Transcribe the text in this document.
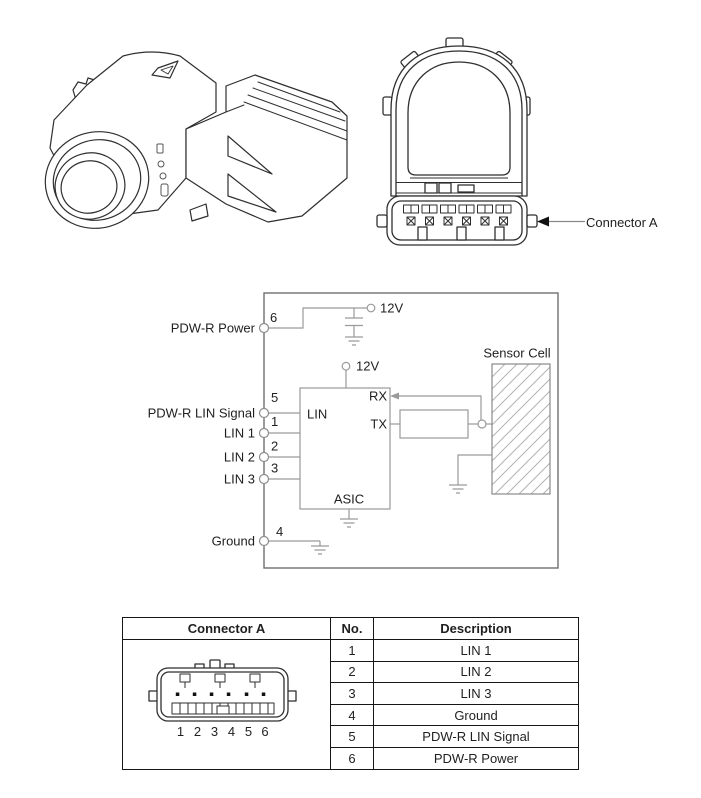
Connector A
PDW-R Power
PDW-R LIN Signal
LIN 1
LIN 2
LIN 3
Ground
6
5
1
2
3
4
12V
12V
LIN
RX
TX
ASIC
Sensor Cell
Connector A	No.	Description

1 2 3 4 5 6
	1	LIN 1
	2	LIN 2
	3	LIN 3
	4	Ground
	5	PDW-R LIN Signal
	6	PDW-R Power
